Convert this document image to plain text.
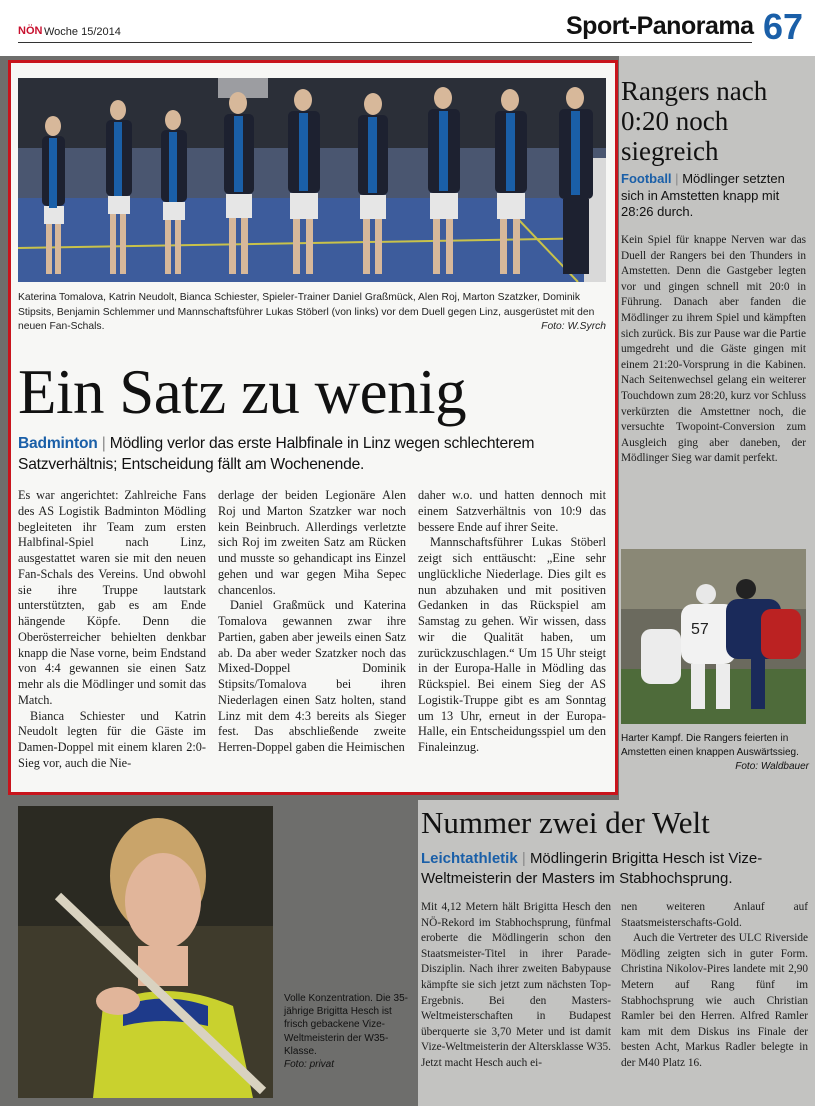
NÖN Woche 15/2014	Sport-Panorama 67
Katerina Tomalova, Katrin Neudolt, Bianca Schiester, Spieler-Trainer Daniel Graßmück, Alen Roj, Marton Szatzker, Dominik Stipsits, Benjamin Schlemmer und Mannschaftsführer Lukas Stöberl (von links) vor dem Duell gegen Linz, ausgerüstet mit den neuen Fan-Schals.	Foto: W.Syrch
Ein Satz zu wenig
Badminton | Mödling verlor das erste Halbfinale in Linz wegen schlechterem Satzverhältnis; Entscheidung fällt am Wochenende.

Es war angerichtet: Zahlreiche Fans des AS Logistik Badminton Mödling begleiteten ihr Team zum ersten Halbfinal-Spiel nach Linz, ausgestattet waren sie mit den neuen Fan-Schals des Vereins. Und obwohl sie ihre Truppe lautstark unterstützten, gab es am Ende hängende Köpfe. Denn die Oberösterreicher behielten denkbar knapp die Nase vorne, beim Endstand von 4:4 gewannen sie einen Satz mehr als die Mödlinger und somit das Match.

Bianca Schiester und Katrin Neudolt legten für die Gäste im Damen-Doppel mit einem klaren 2:0-Sieg vor, auch die Nie-

derlage der beiden Legionäre Alen Roj und Marton Szatzker war noch kein Beinbruch. Allerdings verletzte sich Roj im zweiten Satz am Rücken und musste so gehandicapt ins Einzel gehen und war gegen Miha Sepec chancenlos.

Daniel Graßmück und Katerina Tomalova gewannen zwar ihre Partien, gaben aber jeweils einen Satz ab. Da aber weder Szatzker noch das Mixed-Doppel Dominik Stipsits/Tomalova bei ihren Niederlagen einen Satz holten, stand Linz mit dem 4:3 bereits als Sieger fest. Das abschließende zweite Herren-Doppel gaben die Heimischen

daher w.o. und hatten dennoch mit einem Satzverhältnis von 10:9 das bessere Ende auf ihrer Seite.

Mannschaftsführer Lukas Stöberl zeigt sich enttäuscht: „Eine sehr unglückliche Niederlage. Dies gilt es nun abzuhaken und mit positiven Gedanken in das Rückspiel am Samstag zu gehen. Wir wissen, dass wir die Qualität haben, um zurückzuschlagen.“ Um 15 Uhr steigt in der Europa-Halle in Mödling das Rückspiel. Bei einem Sieg der AS Logistik-Truppe gibt es am Sonntag um 13 Uhr, erneut in der Europa-Halle, ein Entscheidungsspiel um den Finaleinzug.

Rangers nach 0:20 noch siegreich
Football | Mödlinger setzten sich in Amstetten knapp mit 28:26 durch.
Kein Spiel für knappe Nerven war das Duell der Rangers bei den Thunders in Amstetten. Denn die Gastgeber legten vor und gingen schnell mit 20:0 in Führung. Danach aber fanden die Mödlinger zu ihrem Spiel und kämpften sich zurück. Bis zur Pause war die Partie umgedreht und die Gäste gingen mit einem 21:20-Vorsprung in die Kabinen. Nach Seitenwechsel gelang ein weiterer Touchdown zum 28:20, kurz vor Schluss verkürzten die Amstettner noch, die versuchte Twopoint-Conversion zum Ausgleich ging aber daneben, der Mödlinger Sieg war damit perfekt.
57
Harter Kampf. Die Rangers feierten in Amstetten einen knappen Auswärtssieg.
Foto: Waldbauer
Volle Konzentration. Die 35-jährige Brigitta Hesch ist frisch gebackene Vize-Weltmeisterin der W35-Klasse.
Foto: privat
Nummer zwei der Welt
Leichtathletik | Mödlingerin Brigitta Hesch ist Vize-Weltmeisterin der Masters im Stabhochsprung.
Mit 4,12 Metern hält Brigitta Hesch den NÖ-Rekord im Stabhochsprung, fünfmal eroberte die Mödlingerin schon den Staatsmeister-Titel in ihrer Parade-Disziplin. Nach ihrer zweiten Babypause kämpfte sie sich jetzt zum nächsten Top-Ergebnis. Bei den Masters-Weltmeisterschaften in Budapest überquerte sie 3,70 Meter und ist damit Vize-Weltmeisterin der Altersklasse W35. Jetzt macht Hesch auch ei-

nen weiteren Anlauf auf Staatsmeisterschafts-Gold.

Auch die Vertreter des ULC Riverside Mödling zeigten sich in guter Form. Christina Nikolov-Pires landete mit 2,90 Metern auf Rang fünf im Stabhochsprung wie auch Christian Ramler bei den Herren. Alfred Ramler kam mit dem Diskus ins Finale der besten Acht, Markus Radler belegte in der M40 Platz 16.
